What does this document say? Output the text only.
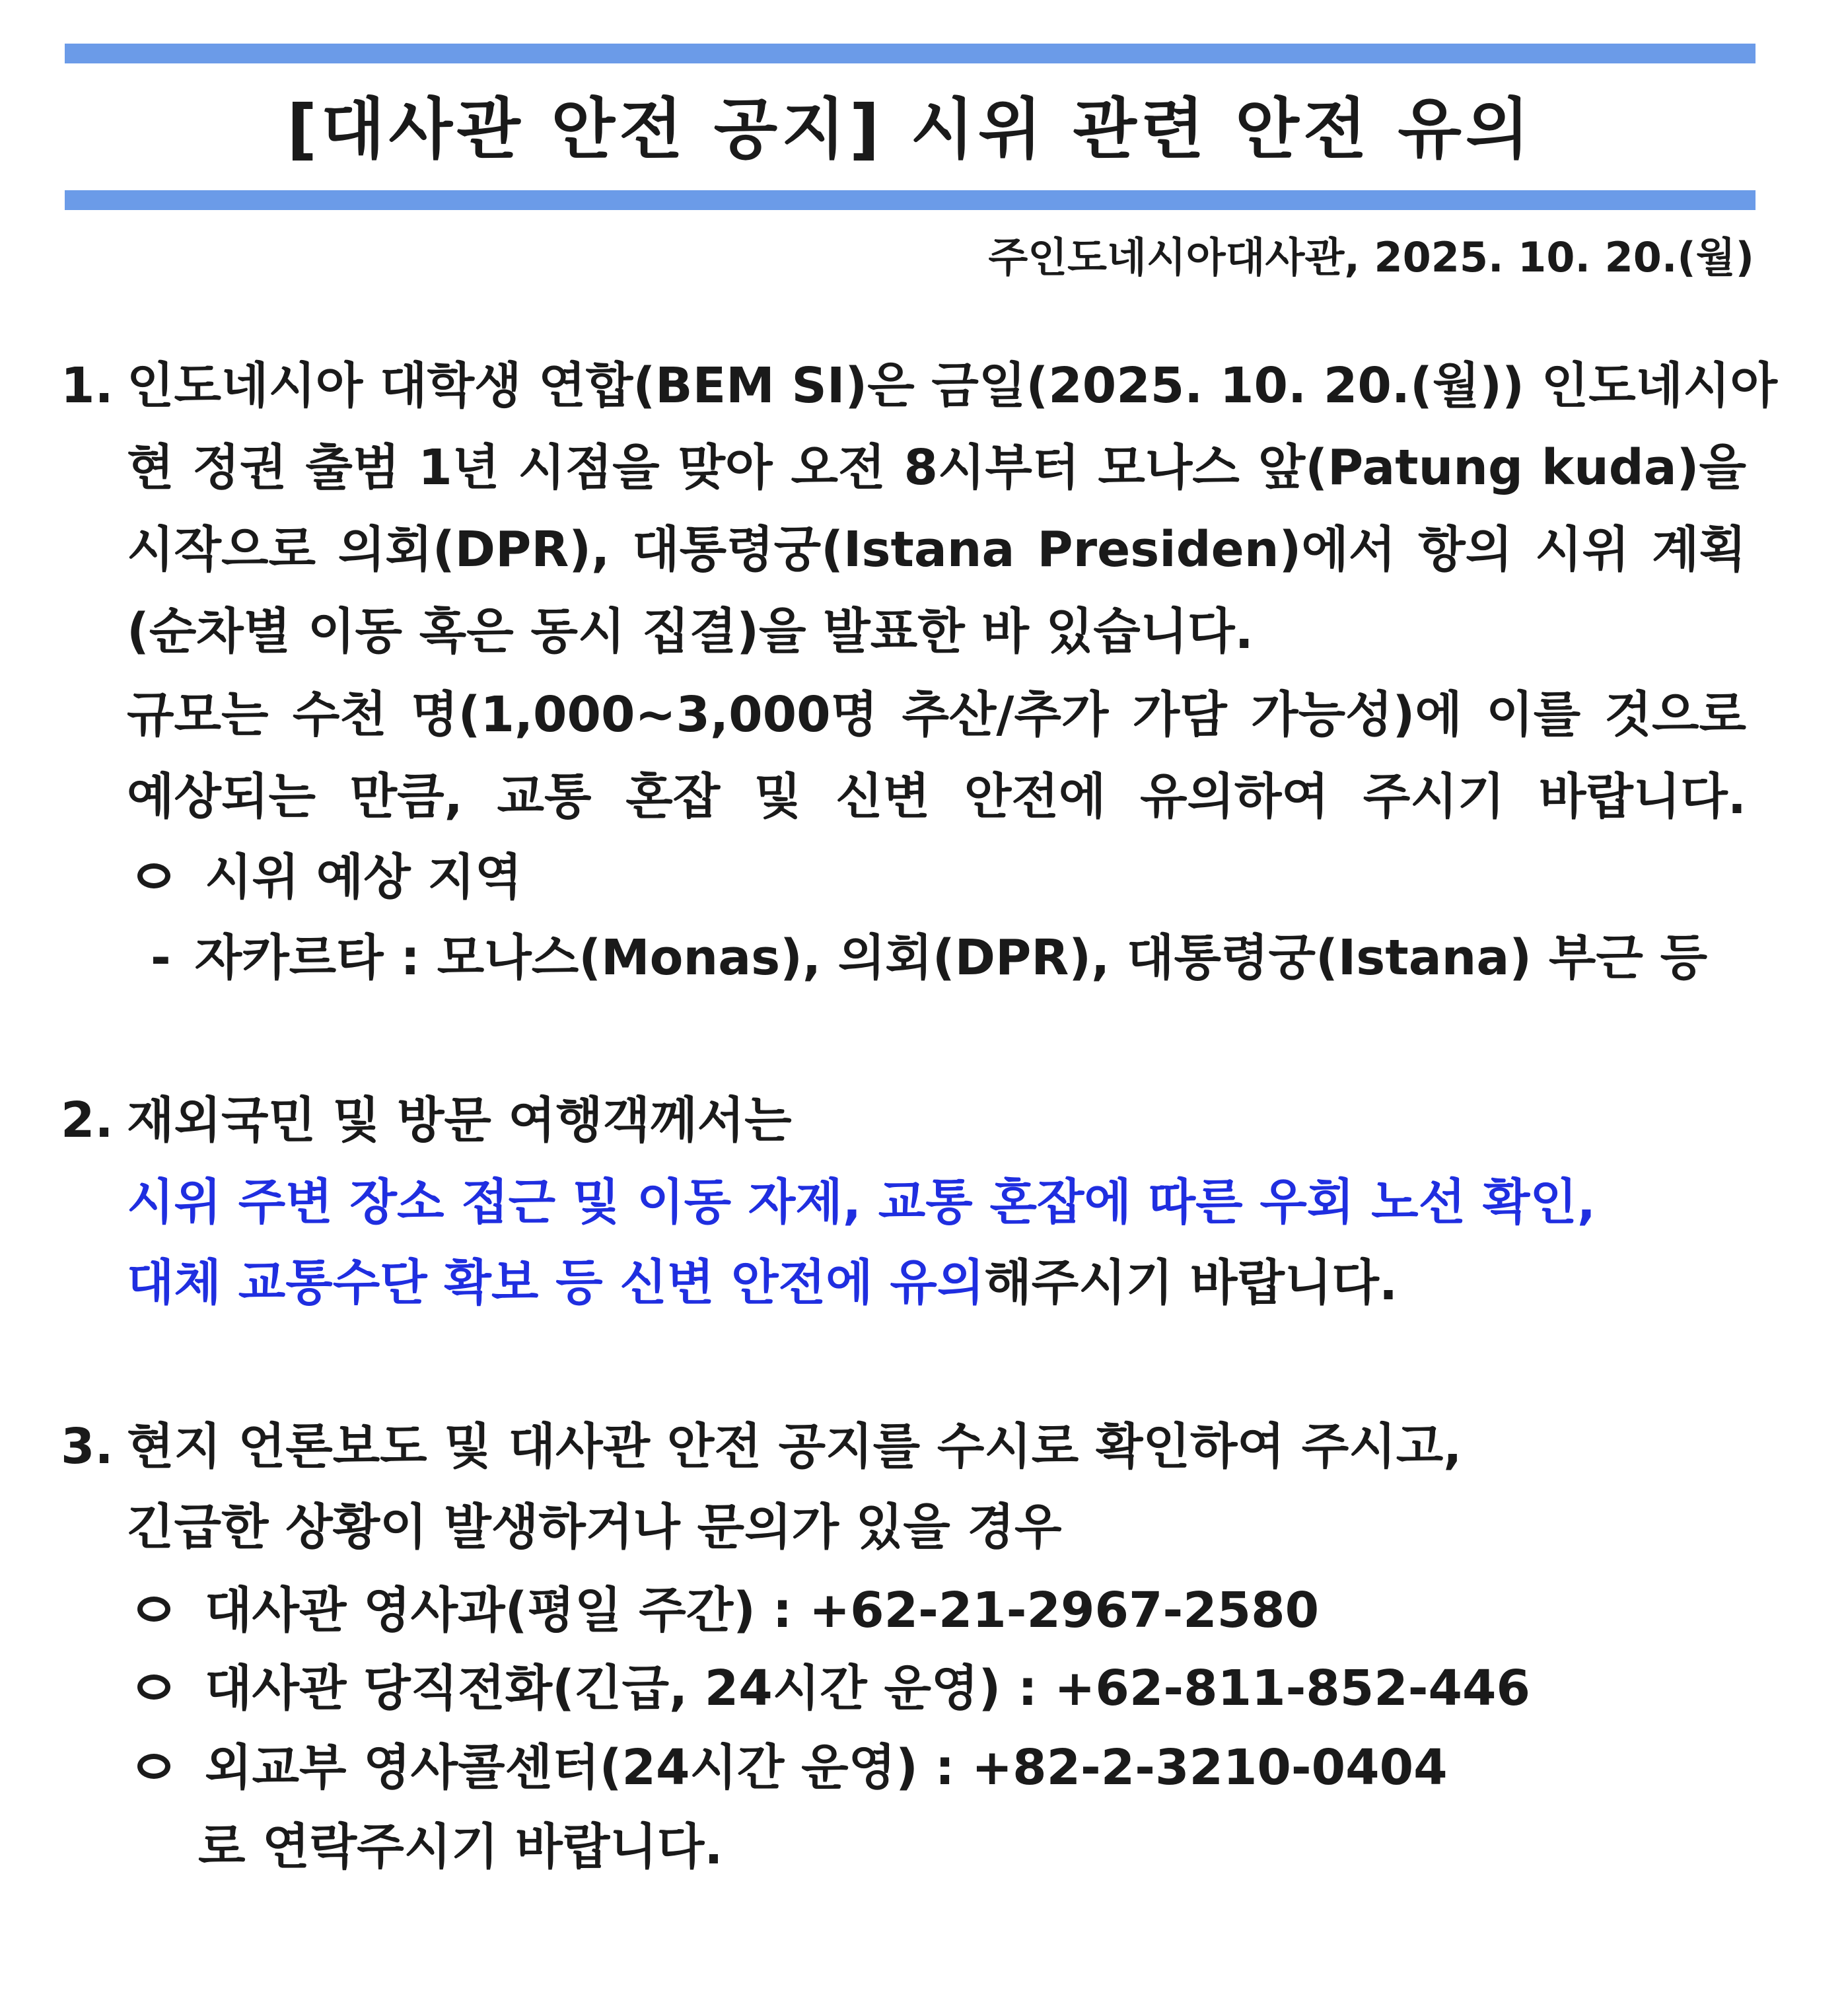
[대사관 안전 공지] 시위 관련 안전 유의
주인도네시아대사관, 2025. 10. 20.(월)
1. 인도네시아 대학생 연합(BEM SI)은 금일(2025. 10. 20.(월)) 인도네시아
현 정권 출범 1년 시점을 맞아 오전 8시부터 모나스 앞(Patung kuda)을
시작으로 의회(DPR), 대통령궁(Istana Presiden)에서 항의 시위 계획
(순차별 이동 혹은 동시 집결)을 발표한 바 있습니다.
규모는 수천 명(1,000~3,000명 추산/추가 가담 가능성)에 이를 것으로
예상되는 만큼, 교통 혼잡 및 신변 안전에 유의하여 주시기 바랍니다.
시위 예상 지역
- 자카르타 : 모나스(Monas), 의회(DPR), 대통령궁(Istana) 부근 등
2. 재외국민 및 방문 여행객께서는
시위 주변 장소 접근 및 이동 자제, 교통 혼잡에 따른 우회 노선 확인,
대체 교통수단 확보 등 신변 안전에 유의해주시기 바랍니다.
3. 현지 언론보도 및 대사관 안전 공지를 수시로 확인하여 주시고,
긴급한 상황이 발생하거나 문의가 있을 경우
대사관 영사과(평일 주간) : +62-21-2967-2580
대사관 당직전화(긴급, 24시간 운영) : +62-811-852-446
외교부 영사콜센터(24시간 운영) : +82-2-3210-0404
로 연락주시기 바랍니다.
